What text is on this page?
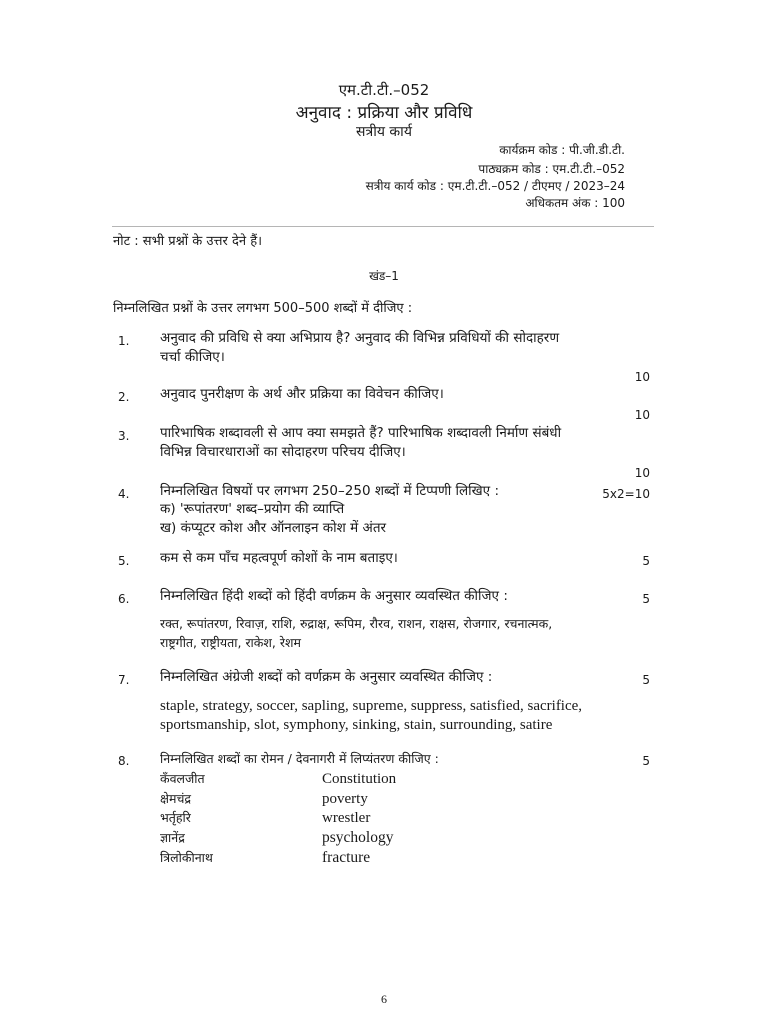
एम.टी.टी.–052
अनुवाद : प्रक्रिया और प्रविधि
सत्रीय कार्य
कार्यक्रम कोड : पी.जी.डी.टी.
पाठ्यक्रम कोड : एम.टी.टी.–052
सत्रीय कार्य कोड : एम.टी.टी.–052 / टीएमए / 2023–24
अधिकतम अंक : 100
नोट : सभी प्रश्नों के उत्तर देने हैं।
खंड–1
निम्नलिखित प्रश्नों के उत्तर लगभग 500–500 शब्दों में दीजिए :
1. अनुवाद की प्रविधि से क्या अभिप्राय है? अनुवाद की विभिन्न प्रविधियों की सोदाहरण
चर्चा कीजिए।
10
2. अनुवाद पुनरीक्षण के अर्थ और प्रक्रिया का विवेचन कीजिए।
10
3. पारिभाषिक शब्दावली से आप क्या समझते हैं? पारिभाषिक शब्दावली निर्माण संबंधी
विभिन्न विचारधाराओं का सोदाहरण परिचय दीजिए।
10
4. निम्नलिखित विषयों पर लगभग 250–250 शब्दों में टिप्पणी लिखिए :	5x2=10
क) 'रूपांतरण' शब्द–प्रयोग की व्याप्ति
ख) कंप्यूटर कोश और ऑनलाइन कोश में अंतर
5. कम से कम पाँच महत्वपूर्ण कोशों के नाम बताइए।	5
6. निम्नलिखित हिंदी शब्दों को हिंदी वर्णक्रम के अनुसार व्यवस्थित कीजिए :	5
रक्त, रूपांतरण, रिवाज़, राशि, रुद्राक्ष, रूपिम, रौरव, राशन, राक्षस, रोजगार, रचनात्मक,
राष्ट्रगीत, राष्ट्रीयता, राकेश, रेशम
7. निम्नलिखित अंग्रेजी शब्दों को वर्णक्रम के अनुसार व्यवस्थित कीजिए :	5
staple, strategy, soccer, sapling, supreme, suppress, satisfied, sacrifice,
sportsmanship, slot, symphony, sinking, stain, surrounding, satire
8. निम्नलिखित शब्दों का रोमन / देवनागरी में लिप्यंतरण कीजिए :	5
कँवलजीत	Constitution
क्षेमचंद्र	poverty
भर्तृहरि	wrestler
ज्ञानेंद्र	psychology
त्रिलोकीनाथ	fracture
6
